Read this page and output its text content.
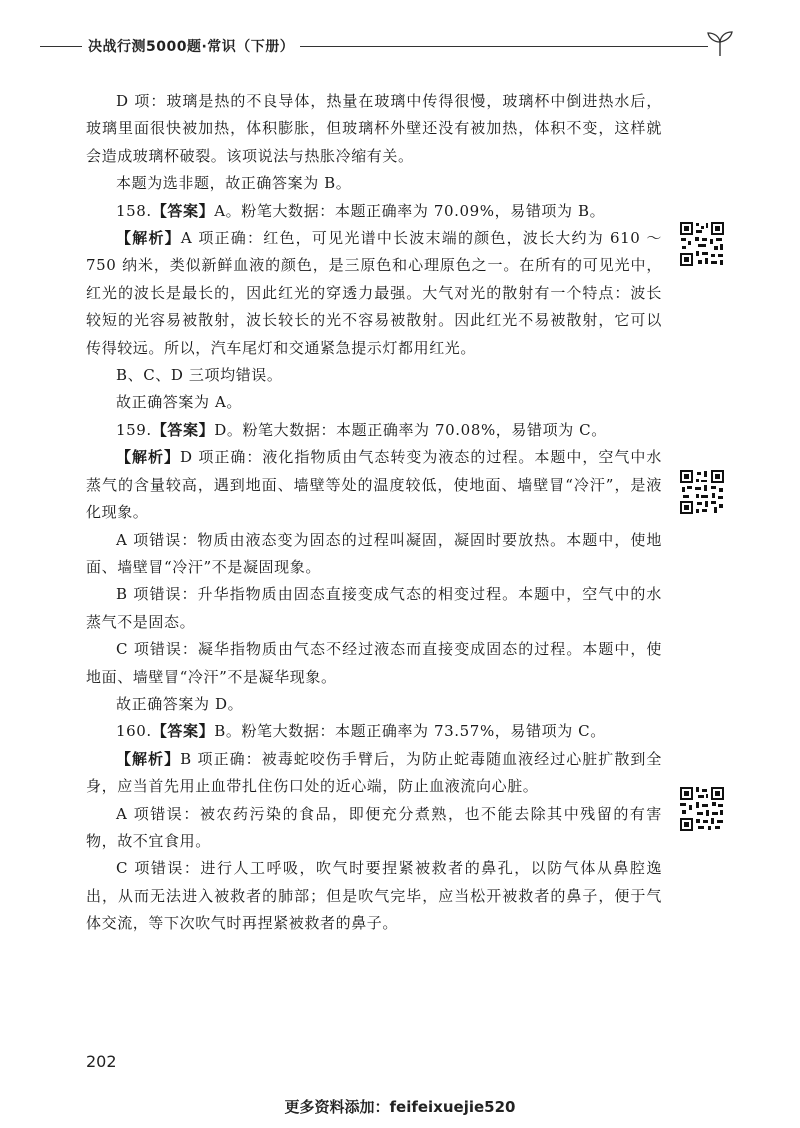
决战行测5000题·常识（下册）

D 项：玻璃是热的不良导体，热量在玻璃中传得很慢，玻璃杯中倒进热水后，玻璃里面很快被加热，体积膨胀，但玻璃杯外壁还没有被加热，体积不变，这样就会造成玻璃杯破裂。该项说法与热胀冷缩有关。

本题为选非题，故正确答案为 B。

158.【答案】A。粉笔大数据：本题正确率为 70.09%，易错项为 B。

【解析】A 项正确：红色，可见光谱中长波末端的颜色，波长大约为 610 ～ 750 纳米，类似新鲜血液的颜色，是三原色和心理原色之一。在所有的可见光中，红光的波长是最长的，因此红光的穿透力最强。大气对光的散射有一个特点：波长较短的光容易被散射，波长较长的光不容易被散射。因此红光不易被散射，它可以传得较远。所以，汽车尾灯和交通紧急提示灯都用红光。

B、C、D 三项均错误。

故正确答案为 A。

159.【答案】D。粉笔大数据：本题正确率为 70.08%，易错项为 C。

【解析】D 项正确：液化指物质由气态转变为液态的过程。本题中，空气中水蒸气的含量较高，遇到地面、墙壁等处的温度较低，使地面、墙壁冒“冷汗”，是液化现象。

A 项错误：物质由液态变为固态的过程叫凝固，凝固时要放热。本题中，使地面、墙壁冒“冷汗”不是凝固现象。

B 项错误：升华指物质由固态直接变成气态的相变过程。本题中，空气中的水蒸气不是固态。

C 项错误：凝华指物质由气态不经过液态而直接变成固态的过程。本题中，使地面、墙壁冒“冷汗”不是凝华现象。

故正确答案为 D。

160.【答案】B。粉笔大数据：本题正确率为 73.57%，易错项为 C。

【解析】B 项正确：被毒蛇咬伤手臂后，为防止蛇毒随血液经过心脏扩散到全身，应当首先用止血带扎住伤口处的近心端，防止血液流向心脏。

A 项错误：被农药污染的食品，即便充分煮熟，也不能去除其中残留的有害物，故不宜食用。

C 项错误：进行人工呼吸，吹气时要捏紧被救者的鼻孔，以防气体从鼻腔逸出，从而无法进入被救者的肺部；但是吹气完毕，应当松开被救者的鼻子，便于气体交流，等下次吹气时再捏紧被救者的鼻子。

202
更多资料添加：feifeixuejie520
